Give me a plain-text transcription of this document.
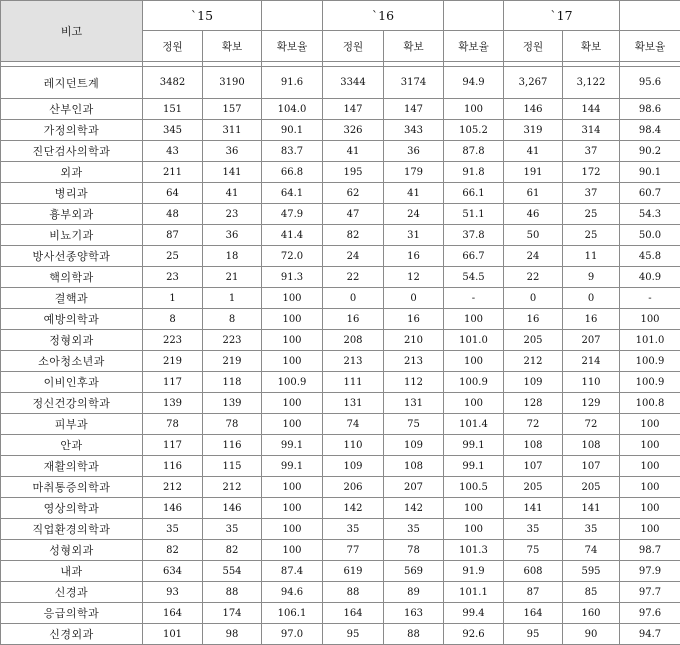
비고	`15			`16			`17		
	정원	확보	확보율	정원	확보	확보율	정원	확보	확보율

레지던트계	3482	3190	91.6	3344	3174	94.9	3,267	3,122	95.6
산부인과	151	157	104.0	147	147	100	146	144	98.6
가정의학과	345	311	90.1	326	343	105.2	319	314	98.4
진단검사의학과	43	36	83.7	41	36	87.8	41	37	90.2
외과	211	141	66.8	195	179	91.8	191	172	90.1
병리과	64	41	64.1	62	41	66.1	61	37	60.7
흉부외과	48	23	47.9	47	24	51.1	46	25	54.3
비뇨기과	87	36	41.4	82	31	37.8	50	25	50.0
방사선종양학과	25	18	72.0	24	16	66.7	24	11	45.8
핵의학과	23	21	91.3	22	12	54.5	22	9	40.9
결핵과	1	1	100	0	0	-	0	0	-
예방의학과	8	8	100	16	16	100	16	16	100
정형외과	223	223	100	208	210	101.0	205	207	101.0
소아청소년과	219	219	100	213	213	100	212	214	100.9
이비인후과	117	118	100.9	111	112	100.9	109	110	100.9
정신건강의학과	139	139	100	131	131	100	128	129	100.8
피부과	78	78	100	74	75	101.4	72	72	100
안과	117	116	99.1	110	109	99.1	108	108	100
재활의학과	116	115	99.1	109	108	99.1	107	107	100
마취통증의학과	212	212	100	206	207	100.5	205	205	100
영상의학과	146	146	100	142	142	100	141	141	100
직업환경의학과	35	35	100	35	35	100	35	35	100
성형외과	82	82	100	77	78	101.3	75	74	98.7
내과	634	554	87.4	619	569	91.9	608	595	97.9
신경과	93	88	94.6	88	89	101.1	87	85	97.7
응급의학과	164	174	106.1	164	163	99.4	164	160	97.6
신경외과	101	98	97.0	95	88	92.6	95	90	94.7
